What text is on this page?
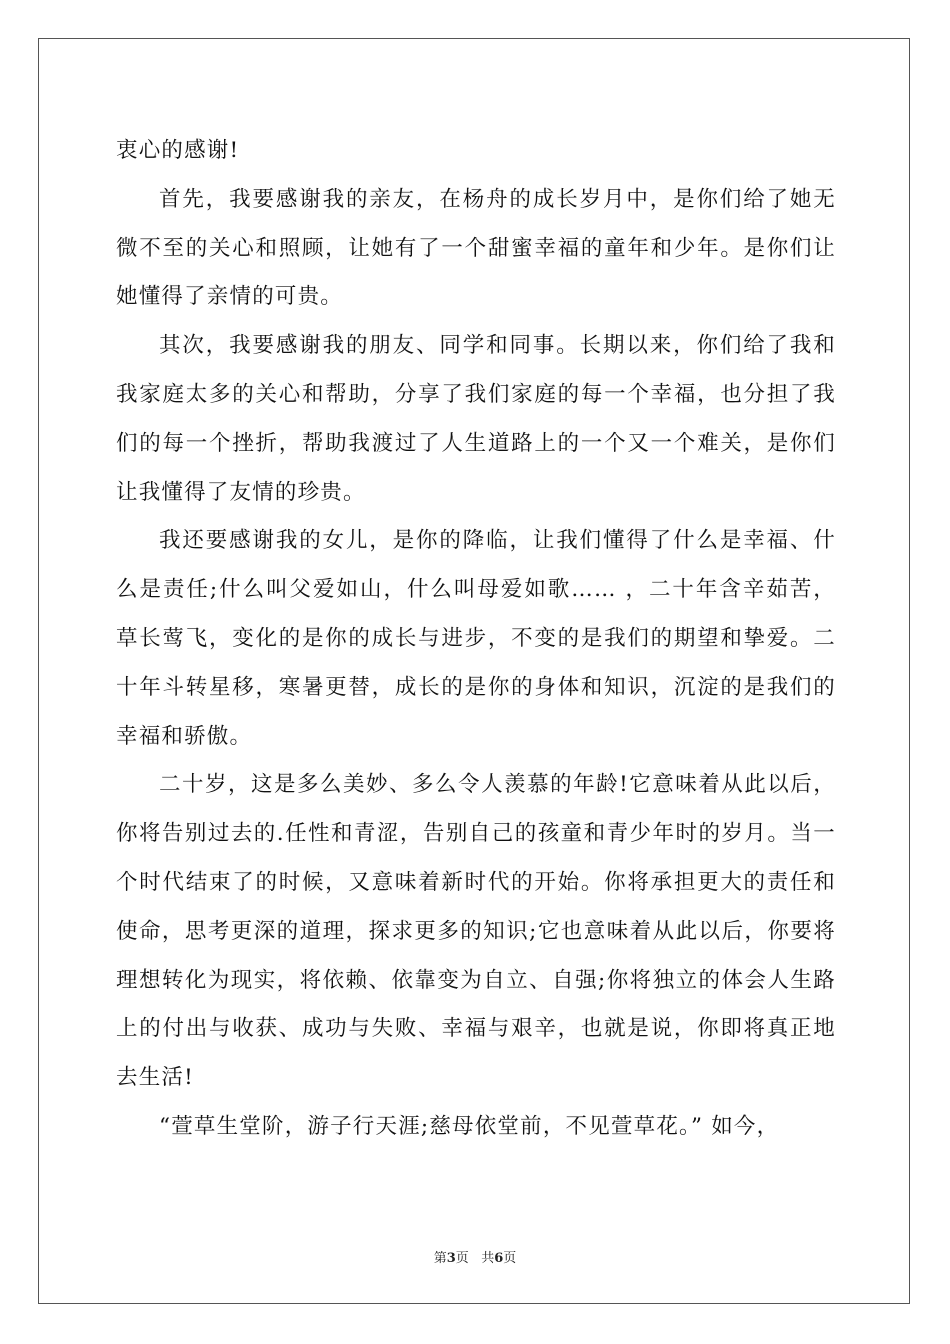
衷心的感谢!

首先，我要感谢我的亲友，在杨舟的成长岁月中，是你们给了她无微不至的关心和照顾，让她有了一个甜蜜幸福的童年和少年。是你们让她懂得了亲情的可贵。

其次，我要感谢我的朋友、同学和同事。长期以来，你们给了我和我家庭太多的关心和帮助，分享了我们家庭的每一个幸福，也分担了我们的每一个挫折，帮助我渡过了人生道路上的一个又一个难关，是你们让我懂得了友情的珍贵。

我还要感谢我的女儿，是你的降临，让我们懂得了什么是幸福、什么是责任;什么叫父爱如山，什么叫母爱如歌…… ，二十年含辛茹苦，草长莺飞，变化的是你的成长与进步，不变的是我们的期望和挚爱。二十年斗转星移，寒暑更替，成长的是你的身体和知识，沉淀的是我们的幸福和骄傲。

二十岁，这是多么美妙、多么令人羡慕的年龄!它意味着从此以后，你将告别过去的.任性和青涩，告别自己的孩童和青少年时的岁月。当一个时代结束了的时候，又意味着新时代的开始。你将承担更大的责任和使命，思考更深的道理，探求更多的知识;它也意味着从此以后，你要将理想转化为现实，将依赖、依靠变为自立、自强;你将独立的体会人生路上的付出与收获、成功与失败、幸福与艰辛，也就是说，你即将真正地去生活!

“萱草生堂阶，游子行天涯;慈母依堂前，不见萱草花。” 如今，

第3页 共6页
